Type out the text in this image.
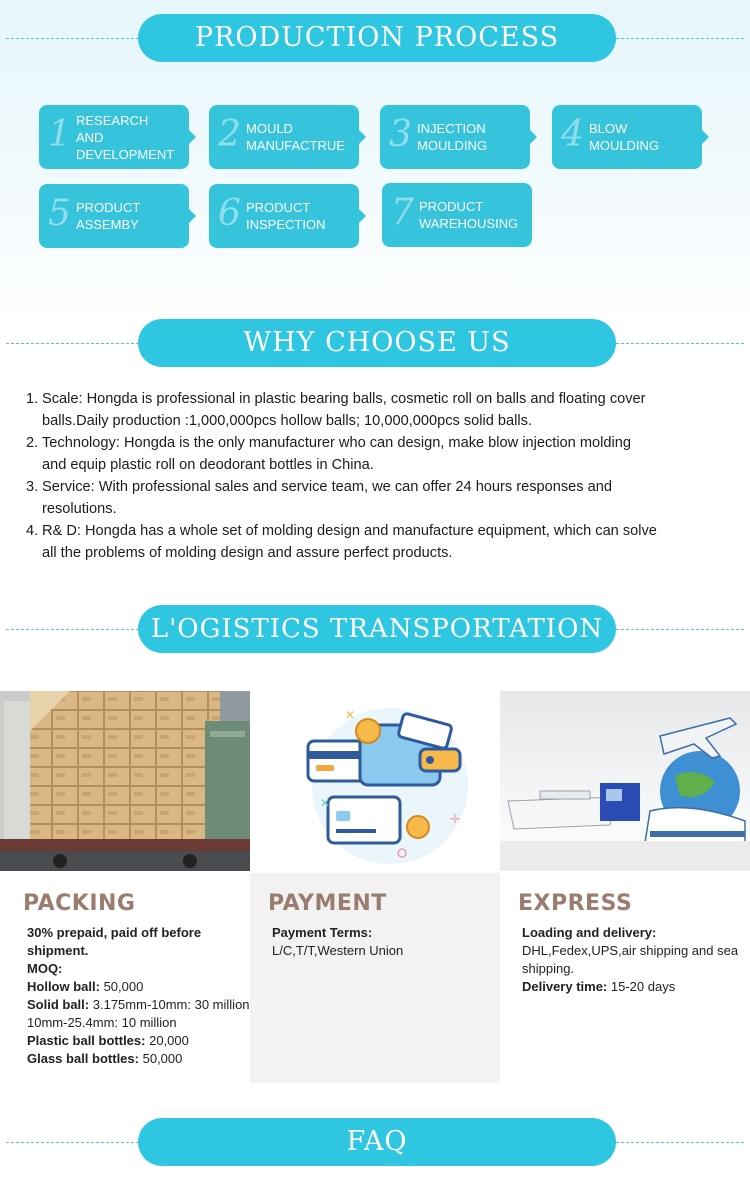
PRODUCTION PROCESS
1 RESEARCH
AND
DEVELOPMENT 2 MOULD
MANUFACTRUE 3 INJECTION
MOULDING 4 BLOW
MOULDING
5 PRODUCT
ASSEMBY 6 PRODUCT
INSPECTION 7 PRODUCT
WAREHOUSING
WHY CHOOSE US
1. Scale: Hongda is professional in plastic bearing balls, cosmetic roll on balls and floating cover
balls.Daily production :1,000,000pcs hollow balls; 10,000,000pcs solid balls.
2. Technology: Hongda is the only manufacturer who can design, make blow injection molding
and equip plastic roll on deodorant bottles in China.
3. Service: With professional sales and service team, we can offer 24 hours responses and
resolutions.
4. R& D: Hongda has a whole set of molding design and manufacture equipment, which can solve
all the problems of molding design and assure perfect products.
L'OGISTICS TRANSPORTATION
✛
✕
✕
PACKING

30% prepaid, paid off before shipment.
MOQ:
Hollow ball: 50,000
Solid ball: 3.175mm-10mm: 30 million 10mm-25.4mm: 10 million
Plastic ball bottles: 20,000
Glass ball bottles: 50,000

PAYMENT

Payment Terms:
L/C,T/T,Western Union

EXPRESS

Loading and delivery:
DHL,Fedex,UPS,air shipping and sea shipping.
Delivery time: 15-20 days

FAQ
